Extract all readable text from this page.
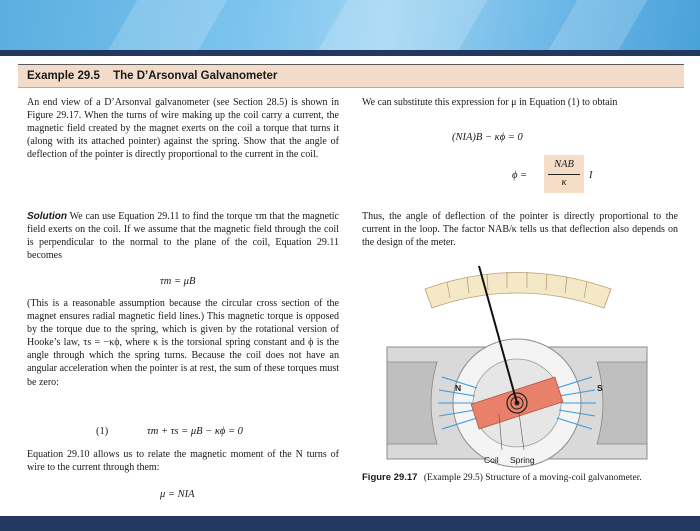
Example 29.5 The D’Arsonval Galvanometer
An end view of a D’Arsonval galvanometer (see Section 28.5) is shown in Figure 29.17. When the turns of wire making up the coil carry a current, the magnetic field created by the magnet exerts on the coil a torque that turns it (along with its attached pointer) against the spring. Show that the angle of deflection of the pointer is directly proportional to the current in the coil.
Solution We can use Equation 29.11 to find the torque τm that the magnetic field exerts on the coil. If we assume that the magnetic field through the coil is perpendicular to the normal to the plane of the coil, Equation 29.11 becomes
τm = μB
(This is a reasonable assumption because the circular cross section of the magnet ensures radial magnetic field lines.) This magnetic torque is opposed by the torque due to the spring, which is given by the rotational version of Hooke’s law, τs = −κϕ, where κ is the torsional spring constant and ϕ is the angle through which the spring turns. Because the coil does not have an angular acceleration when the pointer is at rest, the sum of these torques must be zero:
(1)	τm + τs = μB − κϕ = 0
Equation 29.10 allows us to relate the magnetic moment of the N turns of wire to the current through them:
μ = NIA
We can substitute this expression for μ in Equation (1) to obtain
(NIA)B − κϕ = 0
ϕ =
NAB
κ
I
Thus, the angle of deflection of the pointer is directly proportional to the current in the loop. The factor NAB/κ tells us that deflection also depends on the design of the meter.
N	S
Coil Spring
Figure 29.17 (Example 29.5) Structure of a moving-coil galvanometer.
